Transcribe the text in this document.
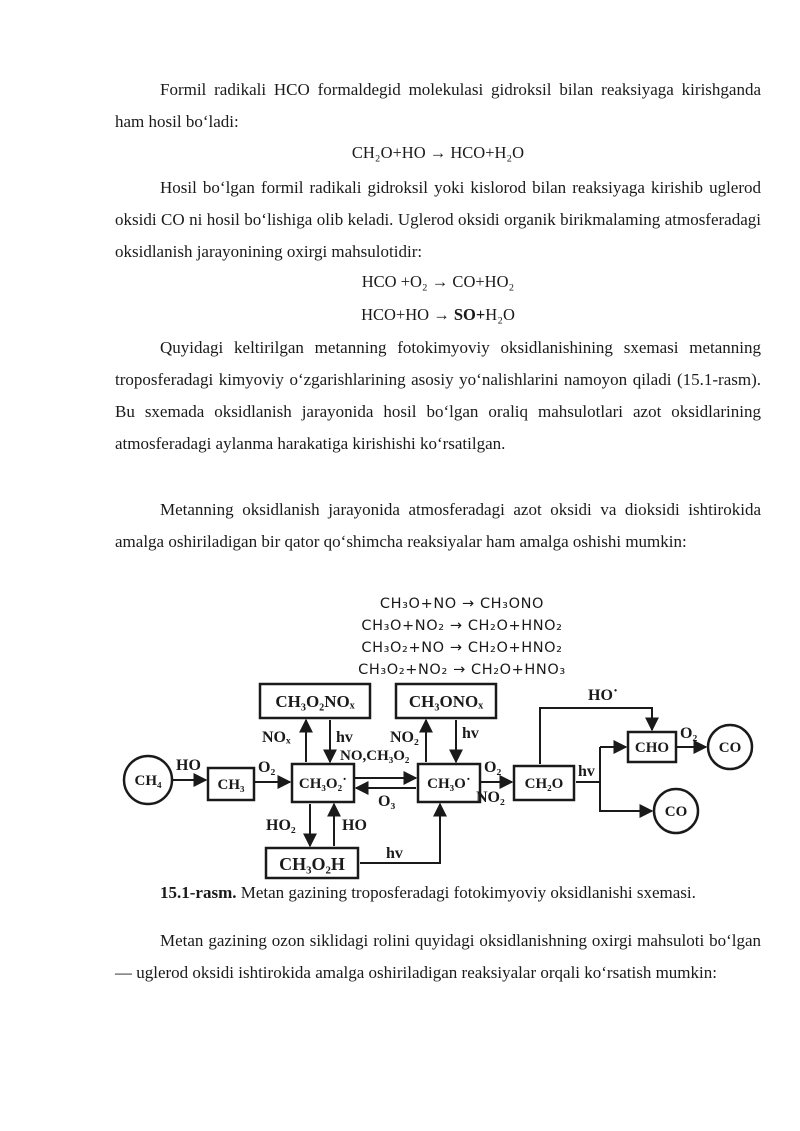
Formil radikali HCO formaldegid molekulasi gidroksil bilan reaksiyaga kirishganda ham hosil bo‘ladi:

CH₂O+HO → HCO+H₂O

Hosil bo‘lgan formil radikali gidroksil yoki kislorod bilan reaksiyaga kirishib uglerod oksidi CO ni hosil bo‘lishiga olib keladi. Uglerod oksidi organik birikmalaming atmosferadagi oksidlanish jarayonining oxirgi mahsulotidir:

HCO +O₂ → CO+HO₂

HCO+HO → SO+H₂O

Quyidagi keltirilgan metanning fotokimyoviy oksidlanishining sxemasi metanning troposferadagi kimyoviy o‘zgarishlarining asosiy yo‘nalishlarini namoyon qiladi (15.1-rasm). Bu sxemada oksidlanish jarayonida hosil bo‘lgan oraliq mahsulotlari azot oksidlarining atmosferadagi aylanma harakatiga kirishishi ko‘rsatilgan.

Metanning oksidlanish jarayonida atmosferadagi azot oksidi va dioksidi ishtirokida amalga oshiriladigan bir qator qo‘shimcha reaksiyalar ham amalga oshishi mumkin:

CH₃O+NO → CH₃ONO

CH₃O+NO₂ → CH₂O+HNO₂

CH₃O₂+NO → CH₂O+HNO₂

CH₃O₂+NO₂ → CH₂O+HNO₃

CH₄	CH₃	CH₃O₂˙	CH₃O˙	CH₂O
CHO	CO
CO
CH₃O₂NOₓ	CH₃ONOₓ
CH₃O₂H
HO	O₂
NOₓ	hv
NO,CH₃O₂
NO₂	hv
O₃
O₂
NO₂
HO˙
O₂
hv
HO₂	HO
hv

15.1-rasm. Metan gazining troposferadagi fotokimyoviy oksidlanishi sxemasi.

Metan gazining ozon siklidagi rolini quyidagi oksidlanishning oxirgi mahsuloti bo‘lgan — uglerod oksidi ishtirokida amalga oshiriladigan reaksiyalar orqali ko‘rsatish mumkin:
